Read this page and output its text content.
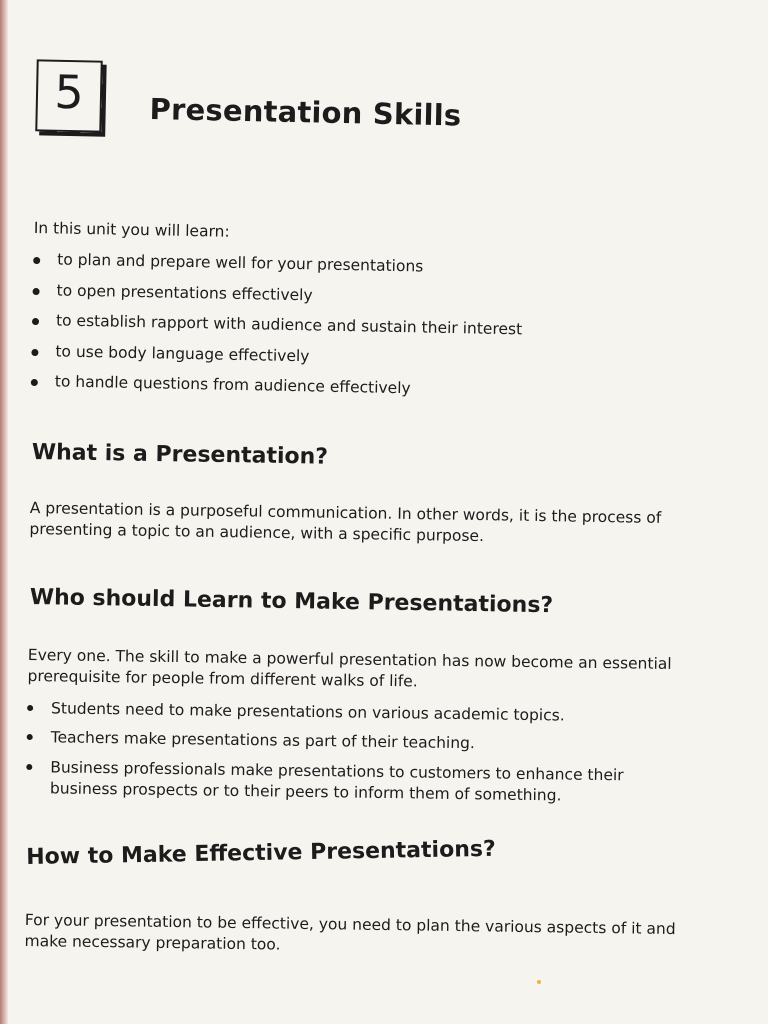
5 Presentation Skills
In this unit you will learn:
to plan and prepare well for your presentations
to open presentations effectively
to establish rapport with audience and sustain their interest
to use body language effectively
to handle questions from audience effectively
What is a Presentation?
A presentation is a purposeful communication. In other words, it is the process of presenting a topic to an audience, with a specific purpose.
Who should Learn to Make Presentations?

Every one. The skill to make a powerful presentation has now become an essential prerequisite for people from different walks of life.

Students need to make presentations on various academic topics.
Teachers make presentations as part of their teaching.
Business professionals make presentations to customers to enhance their business prospects or to their peers to inform them of something.
How to Make Effective Presentations?
For your presentation to be effective, you need to plan the various aspects of it and make necessary preparation too.
